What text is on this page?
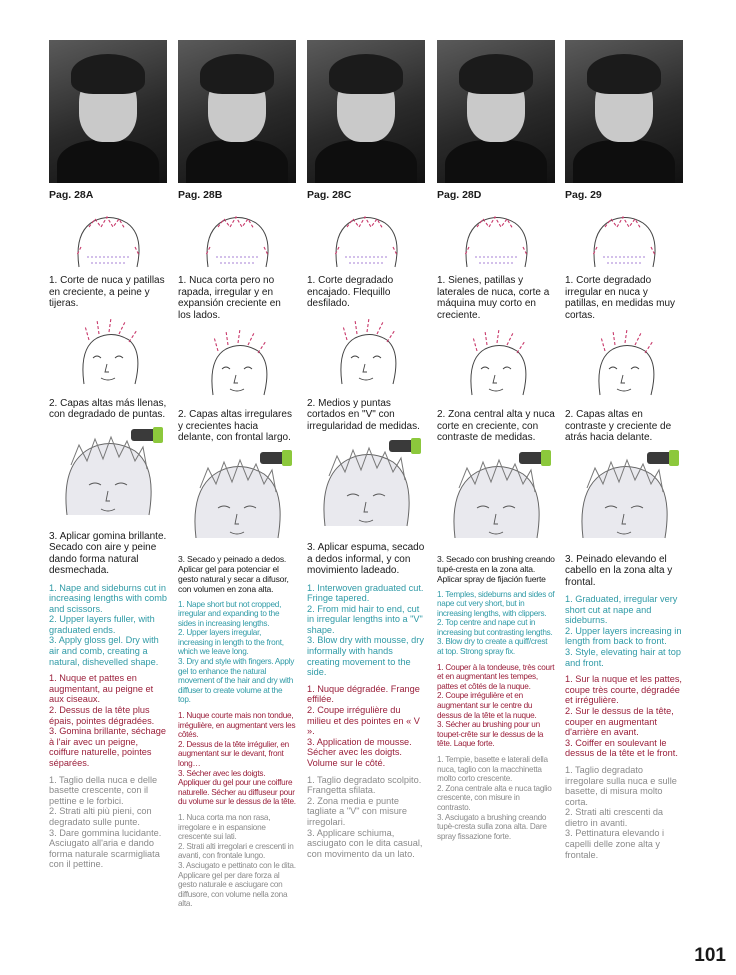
Pag. 28A
1. Corte de nuca y patillas en creciente, a peine y tijeras.
2. Capas altas más llenas, con degradado de puntas.
3. Aplicar gomina brillante. Secado con aire y peine dando forma natural desmechada.
1. Nape and sideburns cut in increasing lengths with comb and scissors.
2. Upper layers fuller, with graduated ends.
3. Apply gloss gel. Dry with air and comb, creating a natural, dishevelled shape.
1. Nuque et pattes en augmentant, au peigne et aux ciseaux.
2. Dessus de la tête plus épais, pointes dégradées.
3. Gomina brillante, séchage à l'air avec un peigne, coiffure naturelle, pointes séparées.
1. Taglio della nuca e delle basette crescente, con il pettine e le forbici.
2. Strati alti più pieni, con degradato sulle punte.
3. Dare gommina lucidante. Asciugato all'aria e dando forma naturale scarmigliata con il pettine.
Pag. 28B
1. Nuca corta pero no rapada, irregular y en expansión creciente en los lados.
2. Capas altas irregulares y crecientes hacia delante, con frontal largo.
3. Secado y peinado a dedos. Aplicar gel para potenciar el gesto natural y secar a difusor, con volumen en zona alta.
1. Nape short but not cropped, irregular and expanding to the sides in increasing lengths.
2. Upper layers irregular, increasing in length to the front, which we leave long.
3. Dry and style with fingers. Apply gel to enhance the natural movement of the hair and dry with diffuser to create volume at the top.
1. Nuque courte mais non tondue, irrégulière, en augmentant vers les côtés.
2. Dessus de la tête irrégulier, en augmentant sur le devant, front long…
3. Sécher avec les doigts. Appliquer du gel pour une coiffure naturelle. Sécher au diffuseur pour du volume sur le dessus de la tête.
1. Nuca corta ma non rasa, irregolare e in espansione crescente sui lati.
2. Strati alti irregolari e crescenti in avanti, con frontale lungo.
3. Asciugato e pettinato con le dita. Applicare gel per dare forza al gesto naturale e asciugare con diffusore, con volume nella zona alta.
Pag. 28C
1. Corte degradado encajado. Flequillo desfilado.
2. Medios y puntas cortados en "V" con irregularidad de medidas.
3. Aplicar espuma, secado a dedos informal, y con movimiento ladeado.
1. Interwoven graduated cut. Fringe tapered.
2. From mid hair to end, cut in irregular lengths into a "V" shape.
3. Blow dry with mousse, dry informally with hands creating movement to the side.
1. Nuque dégradée. Frange effilée.
2. Coupe irrégulière du milieu et des pointes en « V ».
3. Application de mousse. Sécher avec les doigts. Volume sur le côté.
1. Taglio degradato scolpito. Frangetta sfilata.
2. Zona media e punte tagliate a "V" con misure irregolari.
3. Applicare schiuma, asciugato con le dita casual, con movimento da un lato.
Pag. 28D
1. Sienes, patillas y laterales de nuca, corte a máquina muy corto en creciente.
2. Zona central alta y nuca corte en creciente, con contraste de medidas.
3. Secado con brushing creando tupé-cresta en la zona alta. Aplicar spray de fijación fuerte
1. Temples, sideburns and sides of nape cut very short, but in increasing lengths, with clippers.
2. Top centre and nape cut in increasing but contrasting lengths.
3. Blow dry to create a quiff/crest at top. Strong spray fix.
1. Couper à la tondeuse, très court et en augmentant les tempes, pattes et côtés de la nuque.
2. Coupe irrégulière et en augmentant sur le centre du dessus de la tête et la nuque.
3. Sécher au brushing pour un toupet-crête sur le dessus de la tête. Laque forte.
1. Tempie, basette e laterali della nuca, taglio con la macchinetta molto corto crescente.
2. Zona centrale alta e nuca taglio crescente, con misure in contrasto.
3. Asciugato a brushing creando tupè-cresta sulla zona alta. Dare spray fissazione forte.
Pag. 29
1. Corte degradado irregular en nuca y patillas, en medidas muy cortas.
2. Capas altas en contraste y creciente de atrás hacia delante.
3. Peinado elevando el cabello en la zona alta y frontal.
1. Graduated, irregular very short cut at nape and sideburns.
2. Upper layers increasing in length from back to front.
3. Style, elevating hair at top and front.
1. Sur la nuque et les pattes, coupe très courte, dégradée et irrégulière.
2. Sur le dessus de la tête, couper en augmentant d'arrière en avant.
3. Coiffer en soulevant le dessus de la tête et le front.
1. Taglio degradato irregolare sulla nuca e sulle basette, di misura molto corta.
2. Strati alti crescenti da dietro in avanti.
3. Pettinatura elevando i capelli delle zone alta y frontale.
101
